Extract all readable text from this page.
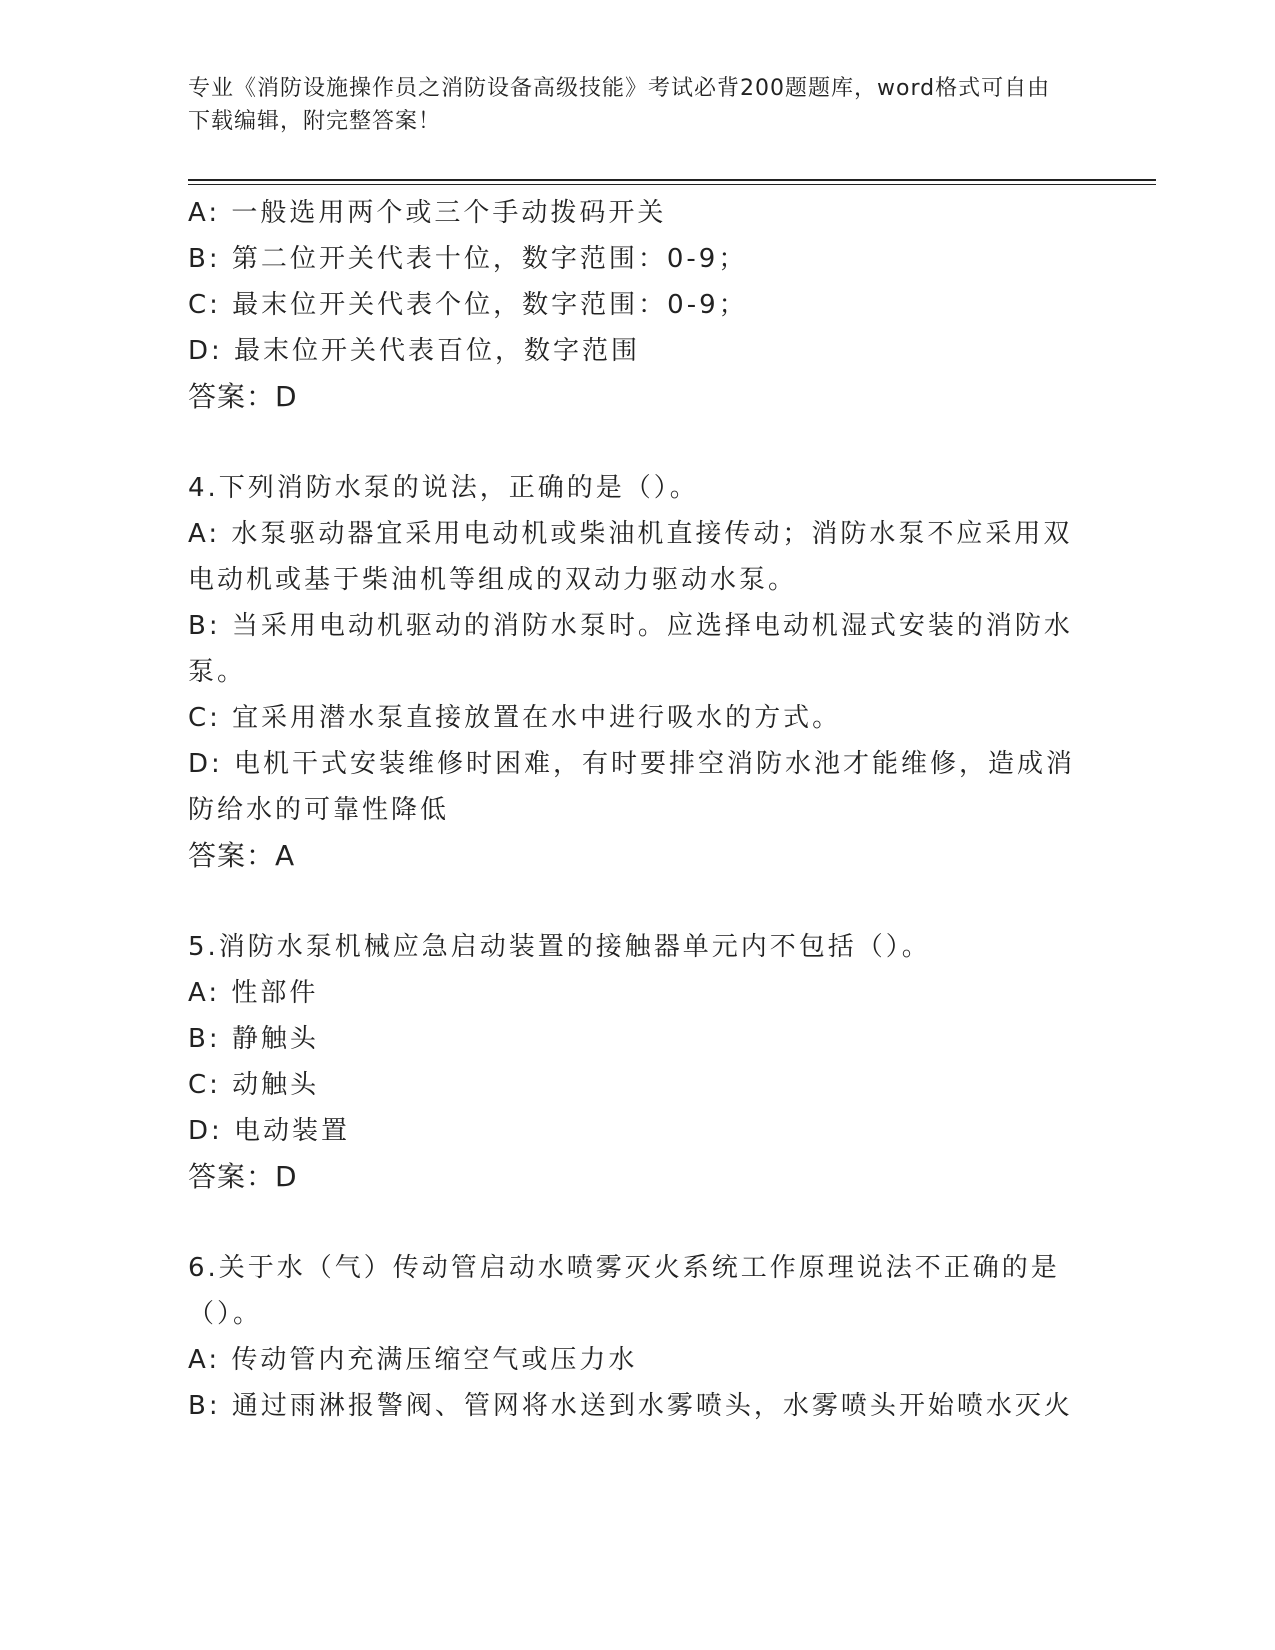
专业《消防设施操作员之消防设备高级技能》考试必背200题题库，word格式可自由下载编辑，附完整答案！
A: 一般选用两个或三个手动拨码开关
B: 第二位开关代表十位，数字范围：0-9；
C: 最末位开关代表个位，数字范围：0-9；
D: 最末位开关代表百位，数字范围
答案：D
4.下列消防水泵的说法，正确的是（）。
A: 水泵驱动器宜采用电动机或柴油机直接传动；消防水泵不应采用双电动机或基于柴油机等组成的双动力驱动水泵。
B: 当采用电动机驱动的消防水泵时。应选择电动机湿式安装的消防水泵。
C: 宜采用潜水泵直接放置在水中进行吸水的方式。
D: 电机干式安装维修时困难，有时要排空消防水池才能维修，造成消防给水的可靠性降低
答案：A
5.消防水泵机械应急启动装置的接触器单元内不包括（）。
A: 性部件
B: 静触头
C: 动触头
D: 电动装置
答案：D
6.关于水（气）传动管启动水喷雾灭火系统工作原理说法不正确的是（）。
A: 传动管内充满压缩空气或压力水
B: 通过雨淋报警阀、管网将水送到水雾喷头，水雾喷头开始喷水灭火
